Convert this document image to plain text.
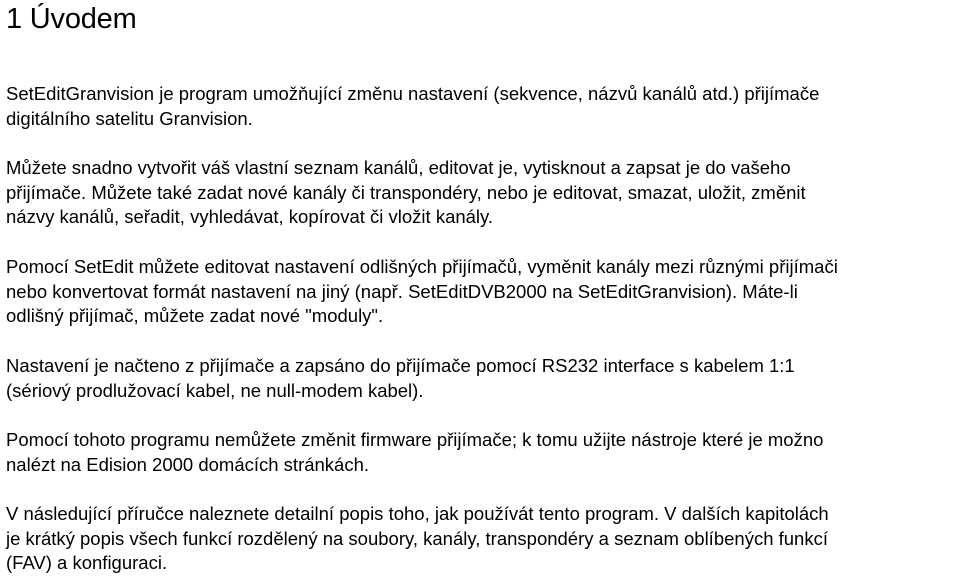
1 Úvodem

SetEditGranvision je program umožňující změnu nastavení (sekvence, názvů kanálů atd.) přijímače
digitálního satelitu Granvision.

Můžete snadno vytvořit váš vlastní seznam kanálů, editovat je, vytisknout a zapsat je do vašeho
přijímače. Můžete také zadat nové kanály či transpondéry, nebo je editovat, smazat, uložit, změnit
názvy kanálů, seřadit, vyhledávat, kopírovat či vložit kanály.

Pomocí SetEdit můžete editovat nastavení odlišných přijímačů, vyměnit kanály mezi různými přijímači
nebo konvertovat formát nastavení na jiný (např. SetEditDVB2000 na SetEditGranvision). Máte-li
odlišný přijímač, můžete zadat nové "moduly".

Nastavení je načteno z přijímače a zapsáno do přijímače pomocí RS232 interface s kabelem 1:1
(sériový prodlužovací kabel, ne null-modem kabel).

Pomocí tohoto programu nemůžete změnit firmware přijímače; k tomu užijte nástroje které je možno
nalézt na Edision 2000 domácích stránkách.

V následující příručce naleznete detailní popis toho, jak používát tento program. V dalších kapitolách
je krátký popis všech funkcí rozdělený na soubory, kanály, transpondéry a seznam oblíbených funkcí
(FAV) a konfiguraci.
